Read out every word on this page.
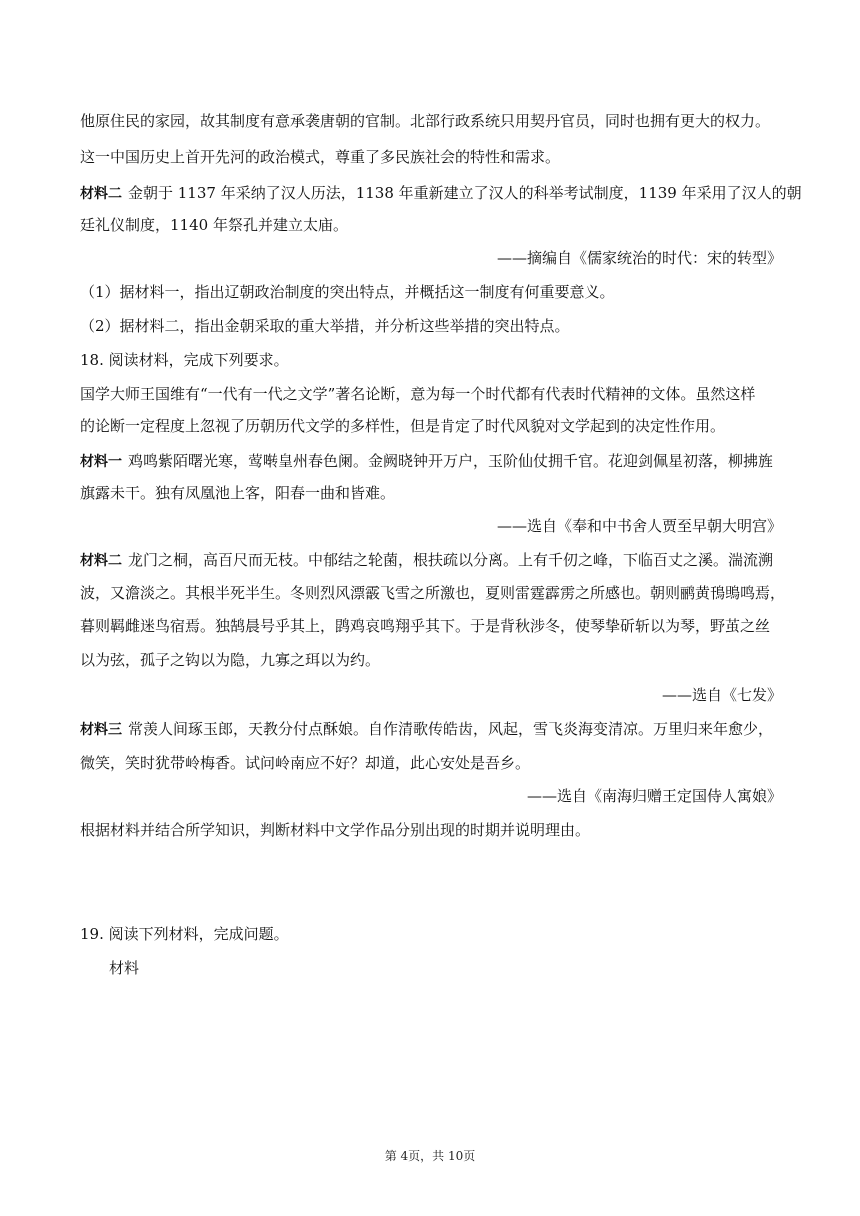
他原住民的家园，故其制度有意承袭唐朝的官制。北部行政系统只用契丹官员，同时也拥有更大的权力。
这一中国历史上首开先河的政治模式，尊重了多民族社会的特性和需求。
材料二 金朝于 1137 年采纳了汉人历法，1138 年重新建立了汉人的科举考试制度，1139 年采用了汉人的朝
廷礼仪制度，1140 年祭孔并建立太庙。
——摘编自《儒家统治的时代：宋的转型》
（1）据材料一，指出辽朝政治制度的突出特点，并概括这一制度有何重要意义。
（2）据材料二，指出金朝采取的重大举措，并分析这些举措的突出特点。
18. 阅读材料，完成下列要求。
国学大师王国维有“一代有一代之文学”著名论断，意为每一个时代都有代表时代精神的文体。虽然这样
的论断一定程度上忽视了历朝历代文学的多样性，但是肯定了时代风貌对文学起到的决定性作用。
材料一 鸡鸣紫陌曙光寒，莺啭皇州春色阑。金阙晓钟开万户，玉阶仙仗拥千官。花迎剑佩星初落，柳拂旌
旗露未干。独有凤凰池上客，阳春一曲和皆难。
——选自《奉和中书舍人贾至早朝大明宫》
材料二 龙门之桐，高百尺而无枝。中郁结之轮菌，根扶疏以分离。上有千仞之峰，下临百丈之溪。湍流溯
波，又澹淡之。其根半死半生。冬则烈风漂霰飞雪之所激也，夏则雷霆霹雳之所感也。朝则鹂黄鳱鴠鸣焉，
暮则羁雌迷鸟宿焉。独鹄晨号乎其上，鹍鸡哀鸣翔乎其下。于是背秋涉冬，使琴挚斫斩以为琴，野茧之丝
以为弦，孤子之钩以为隐，九寡之珥以为约。
——选自《七发》
材料三 常羡人间琢玉郎，天教分付点酥娘。自作清歌传皓齿，风起，雪飞炎海变清凉。万里归来年愈少，
微笑，笑时犹带岭梅香。试问岭南应不好？却道，此心安处是吾乡。
——选自《南海归赠王定国侍人寓娘》
根据材料并结合所学知识，判断材料中文学作品分别出现的时期并说明理由。
19. 阅读下列材料，完成问题。
材料
第 4页，共 10页
